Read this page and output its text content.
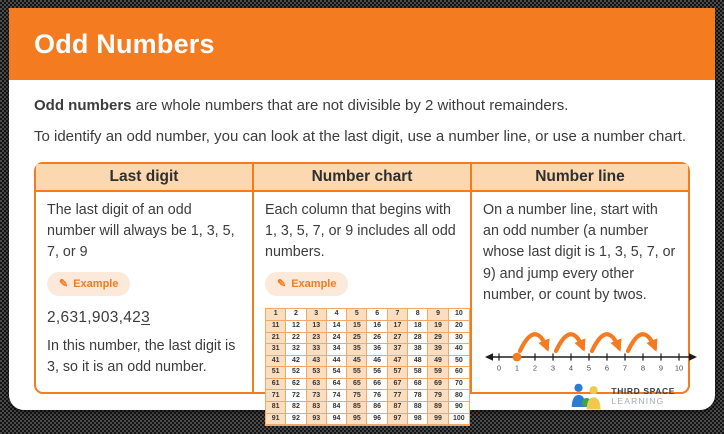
Odd Numbers

Odd numbers are whole numbers that are not divisible by 2 without remainders.

To identify an odd number, you can look at the last digit, use a number line, or use a number chart.

Last digit

The last digit of an odd number will always be 1, 3, 5, 7, or 9

✎ Example

2,631,903,423

In this number, the last digit is 3, so it is an odd number.

Number chart

Each column that begins with 1, 3, 5, 7, or 9 includes all odd numbers.

✎ Example
1	2	3	4	5	6	7	8	9	10
11	12	13	14	15	16	17	18	19	20
21	22	23	24	25	26	27	28	29	30
31	32	33	34	35	36	37	38	39	40
41	42	43	44	45	46	47	48	49	50
51	52	53	54	55	56	57	58	59	60
61	62	63	64	65	66	67	68	69	70
71	72	73	74	75	76	77	78	79	80
81	82	83	84	85	86	87	88	89	90
91	92	93	94	95	96	97	98	99	100
Number line

On a number line, start with an odd number (a number whose last digit is 1, 3, 5, 7, or 9) and jump every other number, or count by twos.

0 1 2 3 4 5 6 7 8 9 10
THIRD SPACE
LEARNING
